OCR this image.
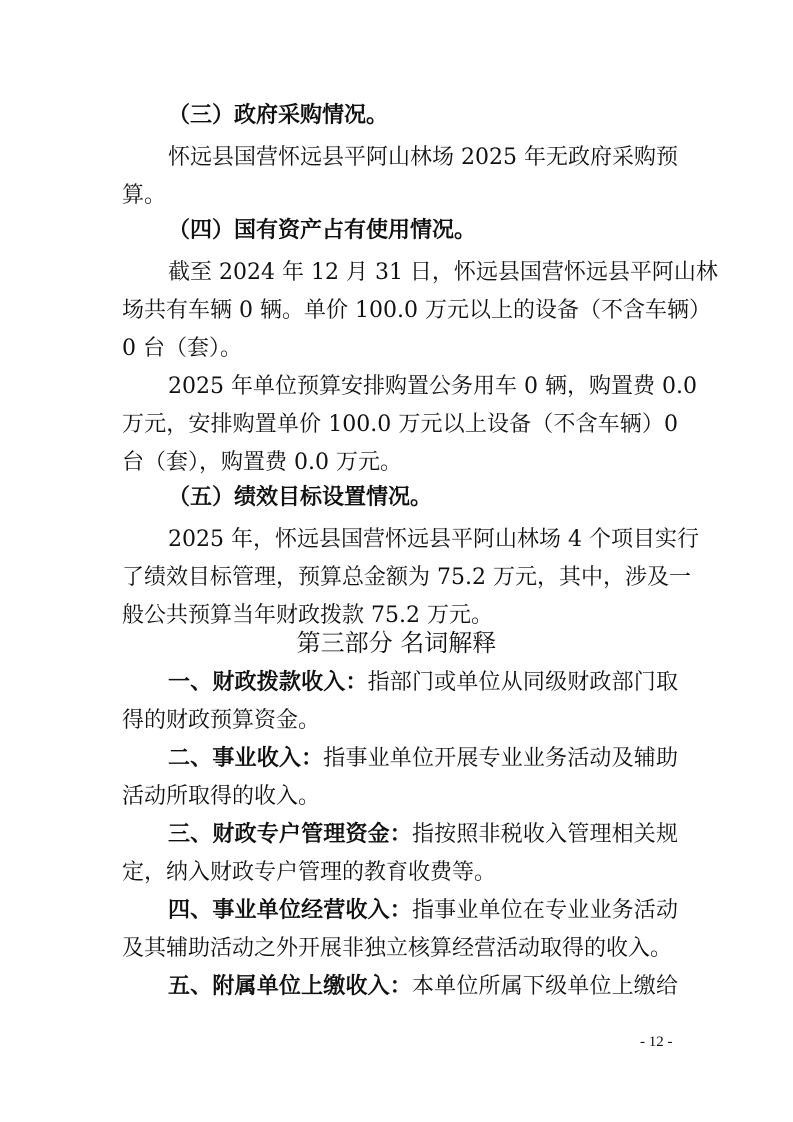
（三）政府采购情况。
怀远县国营怀远县平阿山林场 2025 年无政府采购预
算。
（四）国有资产占有使用情况。
截至 2024 年 12 月 31 日，怀远县国营怀远县平阿山林
场共有车辆 0 辆。单价 100.0 万元以上的设备（不含车辆）
0 台（套）。
2025 年单位预算安排购置公务用车 0 辆，购置费 0.0
万元，安排购置单价 100.0 万元以上设备（不含车辆）0
台（套），购置费 0.0 万元。
（五）绩效目标设置情况。
2025 年，怀远县国营怀远县平阿山林场 4 个项目实行
了绩效目标管理，预算总金额为 75.2 万元，其中，涉及一
般公共预算当年财政拨款 75.2 万元。
第三部分 名词解释
一、财政拨款收入：指部门或单位从同级财政部门取
得的财政预算资金。
二、事业收入：指事业单位开展专业业务活动及辅助
活动所取得的收入。
三、财政专户管理资金：指按照非税收入管理相关规
定，纳入财政专户管理的教育收费等。
四、事业单位经营收入：指事业单位在专业业务活动
及其辅助活动之外开展非独立核算经营活动取得的收入。
五、附属单位上缴收入：本单位所属下级单位上缴给
- 12 -
